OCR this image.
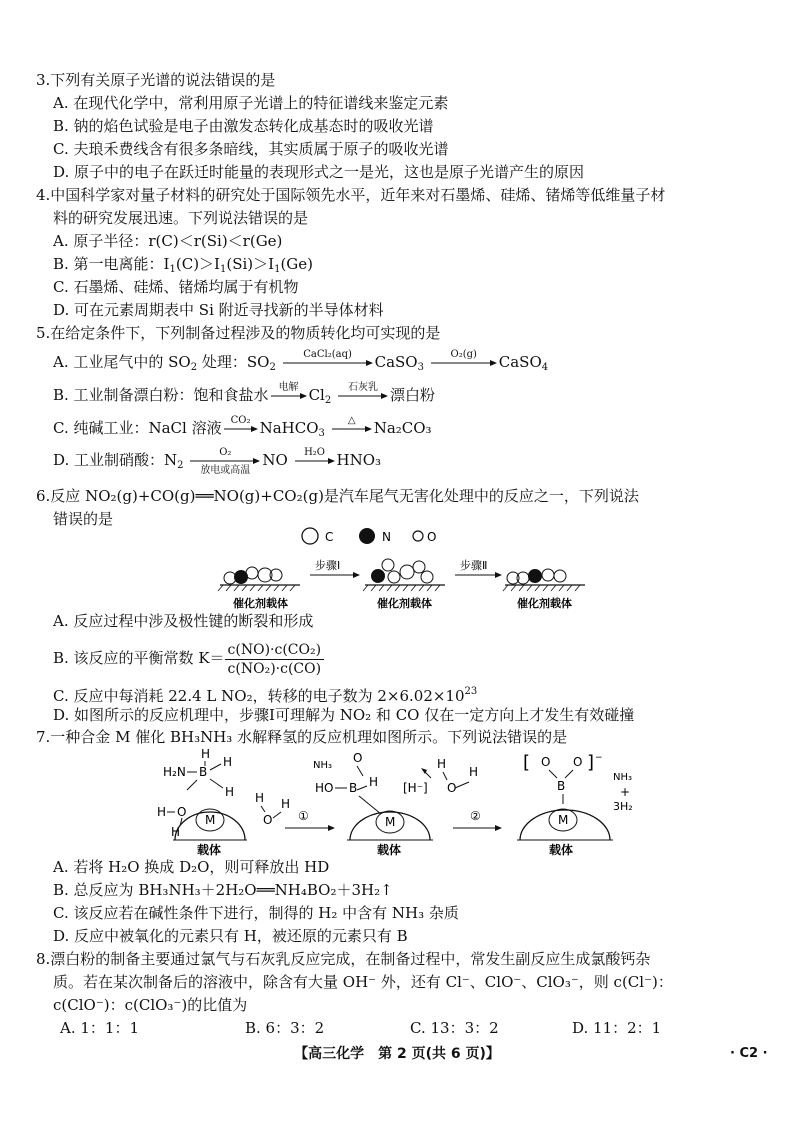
3.下列有关原子光谱的说法错误的是
A. 在现代化学中，常利用原子光谱上的特征谱线来鉴定元素
B. 钠的焰色试验是电子由激发态转化成基态时的吸收光谱
C. 夫琅禾费线含有很多条暗线，其实质属于原子的吸收光谱
D. 原子中的电子在跃迁时能量的表现形式之一是光，这也是原子光谱产生的原因
4.中国科学家对量子材料的研究处于国际领先水平，近年来对石墨烯、硅烯、锗烯等低维量子材
料的研究发展迅速。下列说法错误的是
A. 原子半径：r(C)＜r(Si)＜r(Ge)
B. 第一电离能：$I_1(C)>I_1(Si)>I_1(Ge)$
C. 石墨烯、硅烯、锗烯均属于有机物
D. 可在元素周期表中 Si 附近寻找新的半导体材料
5.在给定条件下，下列制备过程涉及的物质转化均可实现的是
A. 工业尾气中的 $SO_2$ 处理：$SO_2$
CaCl₂(aq)	CaSO$_3$
O₂(g)	CaSO$_4$
B. 工业制备漂白粉：饱和食盐水	电解 $Cl_2$
石灰乳 漂白粉
C. 纯碱工业：NaCl 溶液 CO₂ NaHCO$_3$
△	Na₂CO₃
D. 工业制硝酸：$N_2$
O₂
放电或高温
NO	H₂O HNO₃
6.反应 NO₂(g)+CO(g)══NO(g)+CO₂(g)是汽车尾气无害化处理中的反应之一，下列说法
错误的是
C	N	O
催化剂载体
步骤Ⅰ
催化剂载体
步骤Ⅱ
催化剂载体
A. 反应过程中涉及极性键的断裂和形成
B. 该反应的平衡常数 $K= \frac{\text{c(NO)·c(CO₂)}}{\text{c(NO₂)·c(CO)}}$
C. 反应中每消耗 22.4 L NO₂，转移的电子数为 $2\times 6.02\times 10^{23}$
D. 如图所示的反应机理中，步骤Ⅰ可理解为 NO₂ 和 CO 仅在一定方向上才发生有效碰撞
7.一种合金 M 催化 BH₃NH₃ 水解释氢的反应机理如图所示。下列说法错误的是
H
H₂N B
H
H
H O
H
M
载体
H
O
H
①
NH₃
O
HO B H [H⁻]
H
O
H
M
载体
②
[ O
B
O ] −
NH₃
+
3H₂
M
载体
A. 若将 H₂O 换成 D₂O，则可释放出 HD
B. 总反应为 BH₃NH₃＋2H₂O══NH₄BO₂＋3H₂↑
C. 该反应若在碱性条件下进行，制得的 H₂ 中含有 NH₃ 杂质
D. 反应中被氧化的元素只有 H，被还原的元素只有 B
8.漂白粉的制备主要通过氯气与石灰乳反应完成，在制备过程中，常发生副反应生成氯酸钙杂
质。若在某次制备后的溶液中，除含有大量 OH⁻ 外，还有 Cl⁻、ClO⁻、ClO₃⁻，则 c(Cl⁻)：
c(ClO⁻)：c(ClO₃⁻)的比值为
A. 1：1：1	B. 6：3：2	C. 13：3：2	D. 11：2：1
【高三化学　第 2 页(共 6 页)】	· C2 ·
